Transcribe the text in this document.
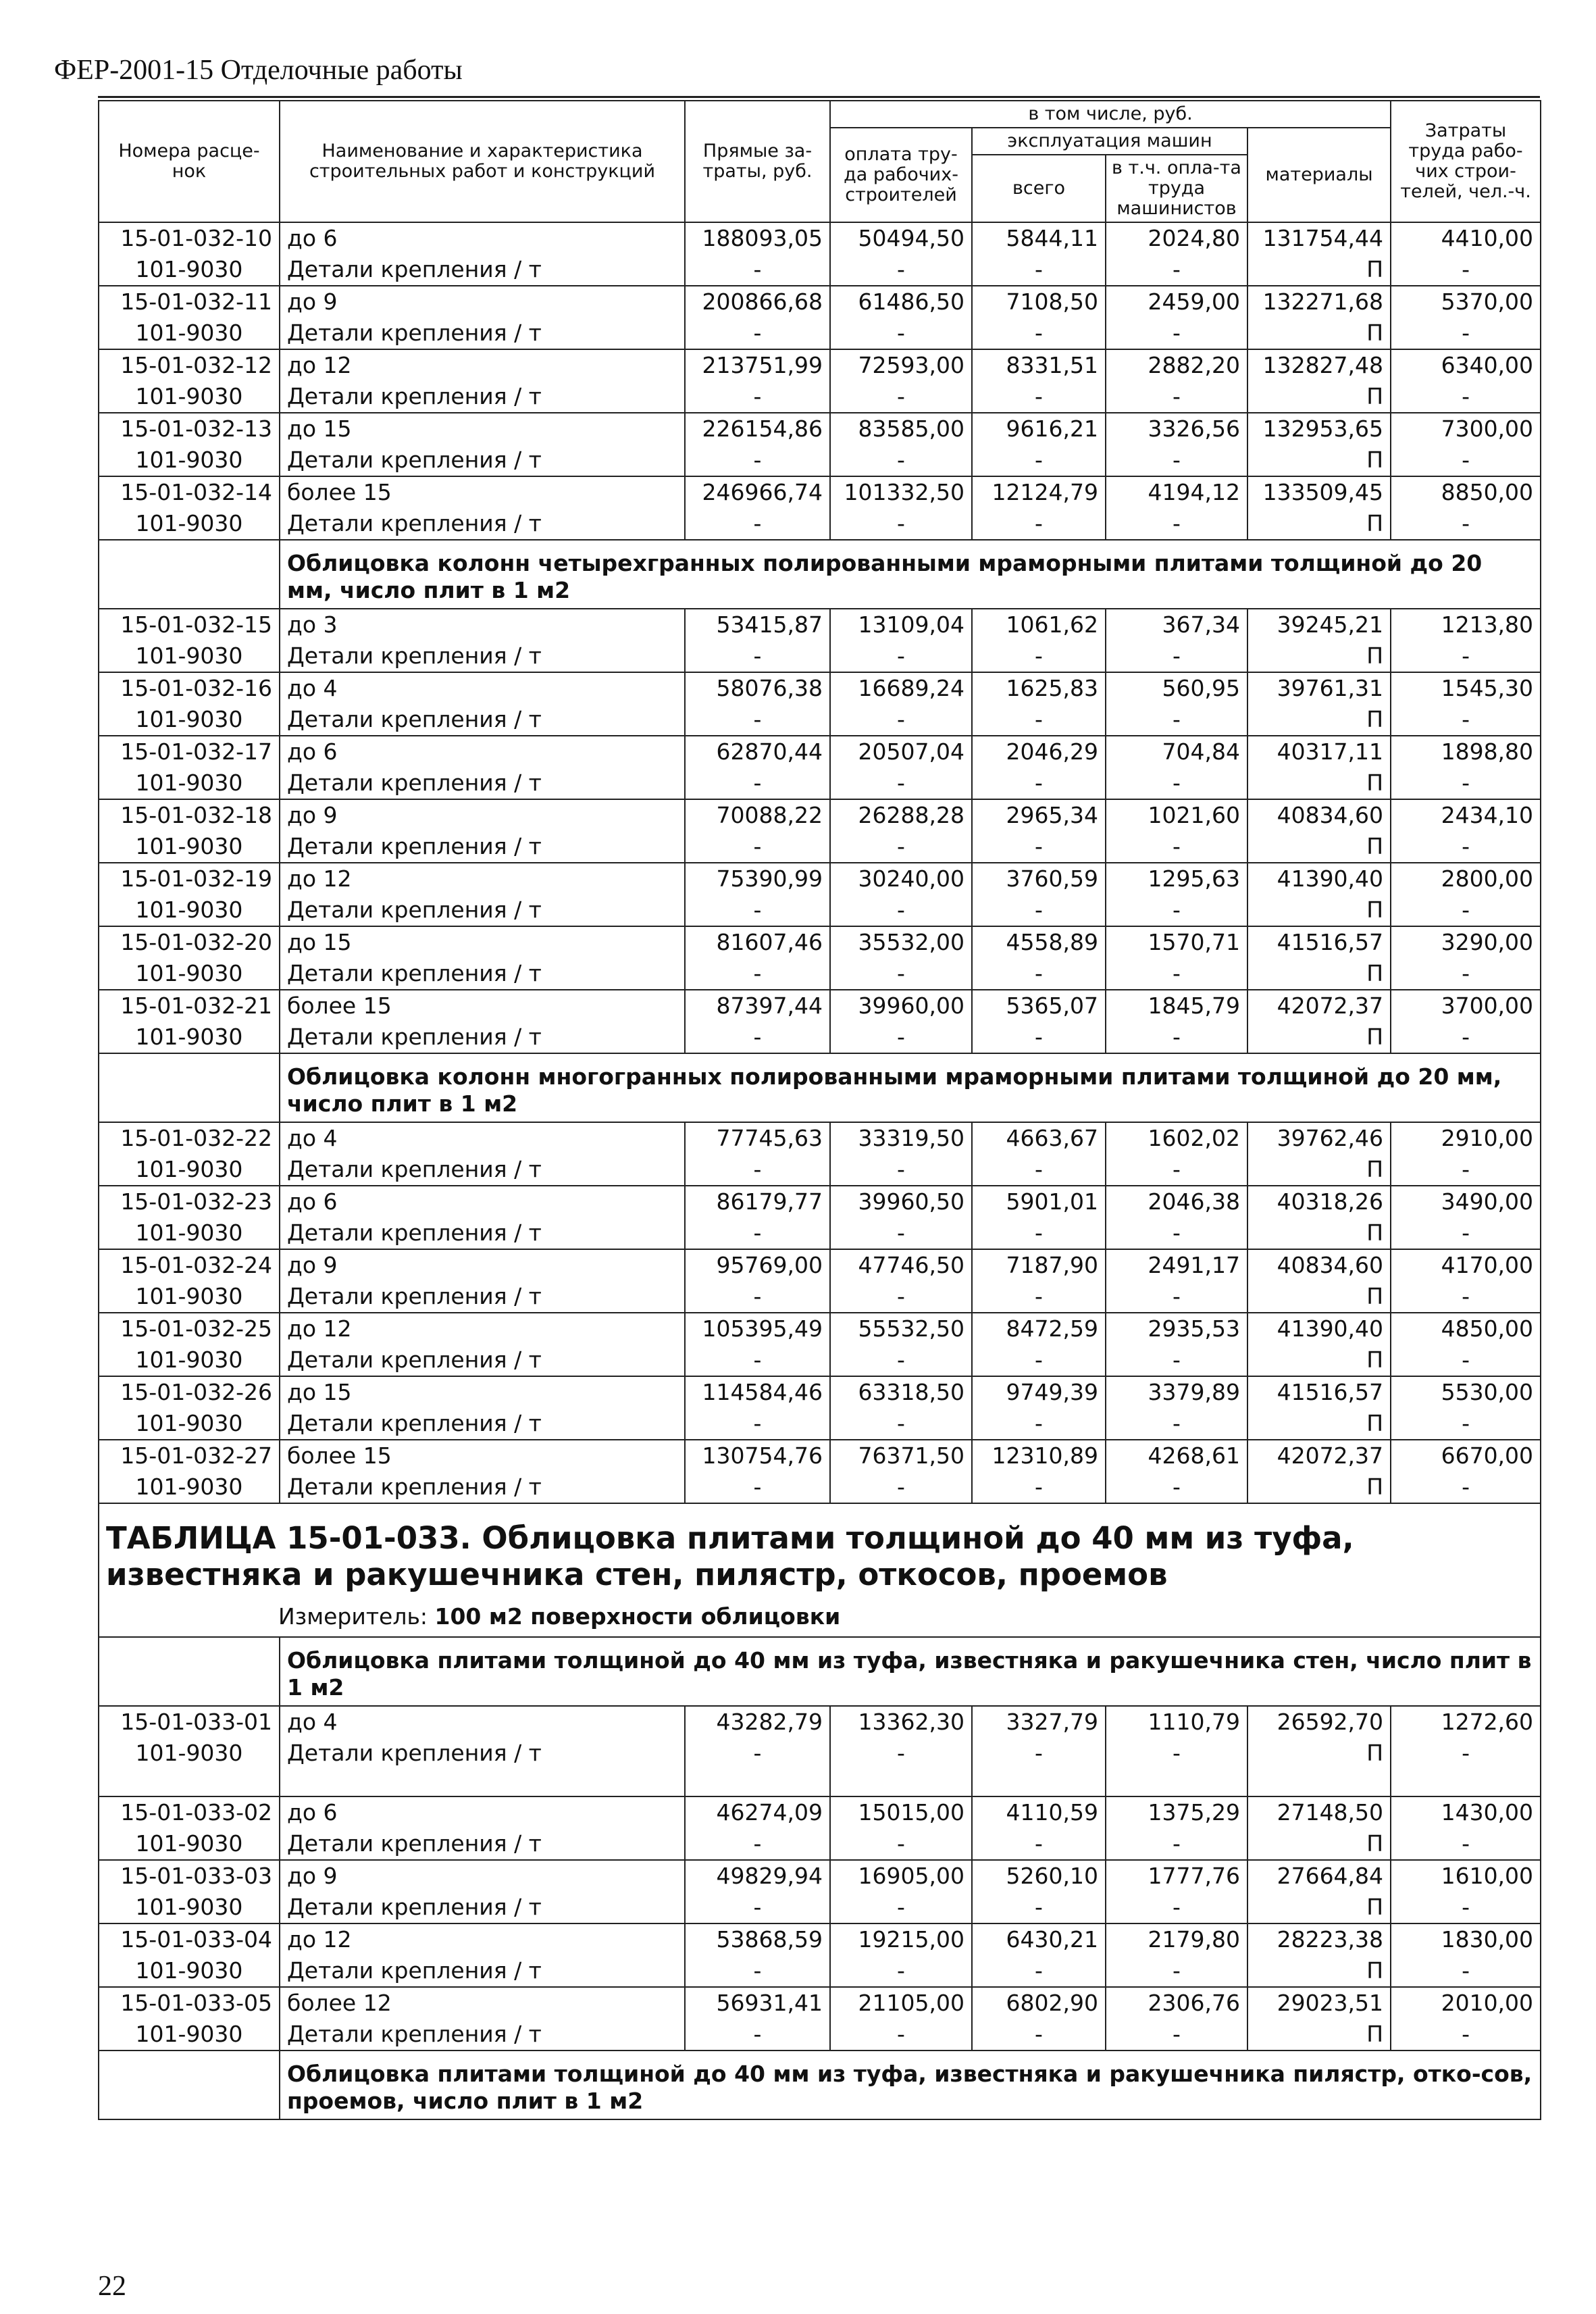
ФЕР-2001-15 Отделочные работы
Номера расце-нок	Наименование и характеристика строительных работ и конструкций	Прямые за-траты, руб.	в том числе, руб.				Затраты труда рабо-чих строи-телей, чел.-ч.
			оплата тру-да рабочих-строителей	эксплуатация машин		материалы	
				всего	в т.ч. опла-та труда машинистов		
15-01-032-10	до 6	188093,05	50494,50	5844,11	2024,80	131754,44	4410,00
101-9030	Детали крепления / т	-	-	-	-	П	-
15-01-032-11	до 9	200866,68	61486,50	7108,50	2459,00	132271,68	5370,00
101-9030	Детали крепления / т	-	-	-	-	П	-
15-01-032-12	до 12	213751,99	72593,00	8331,51	2882,20	132827,48	6340,00
101-9030	Детали крепления / т	-	-	-	-	П	-
15-01-032-13	до 15	226154,86	83585,00	9616,21	3326,56	132953,65	7300,00
101-9030	Детали крепления / т	-	-	-	-	П	-
15-01-032-14	более 15	246966,74	101332,50	12124,79	4194,12	133509,45	8850,00
101-9030	Детали крепления / т	-	-	-	-	П	-
	Облицовка колонн четырехгранных полированными мраморными плитами толщиной до 20 мм, число плит в 1 м2						
15-01-032-15	до 3	53415,87	13109,04	1061,62	367,34	39245,21	1213,80
101-9030	Детали крепления / т	-	-	-	-	П	-
15-01-032-16	до 4	58076,38	16689,24	1625,83	560,95	39761,31	1545,30
101-9030	Детали крепления / т	-	-	-	-	П	-
15-01-032-17	до 6	62870,44	20507,04	2046,29	704,84	40317,11	1898,80
101-9030	Детали крепления / т	-	-	-	-	П	-
15-01-032-18	до 9	70088,22	26288,28	2965,34	1021,60	40834,60	2434,10
101-9030	Детали крепления / т	-	-	-	-	П	-
15-01-032-19	до 12	75390,99	30240,00	3760,59	1295,63	41390,40	2800,00
101-9030	Детали крепления / т	-	-	-	-	П	-
15-01-032-20	до 15	81607,46	35532,00	4558,89	1570,71	41516,57	3290,00
101-9030	Детали крепления / т	-	-	-	-	П	-
15-01-032-21	более 15	87397,44	39960,00	5365,07	1845,79	42072,37	3700,00
101-9030	Детали крепления / т	-	-	-	-	П	-
	Облицовка колонн многогранных полированными мраморными плитами толщиной до 20 мм, число плит в 1 м2						
15-01-032-22	до 4	77745,63	33319,50	4663,67	1602,02	39762,46	2910,00
101-9030	Детали крепления / т	-	-	-	-	П	-
15-01-032-23	до 6	86179,77	39960,50	5901,01	2046,38	40318,26	3490,00
101-9030	Детали крепления / т	-	-	-	-	П	-
15-01-032-24	до 9	95769,00	47746,50	7187,90	2491,17	40834,60	4170,00
101-9030	Детали крепления / т	-	-	-	-	П	-
15-01-032-25	до 12	105395,49	55532,50	8472,59	2935,53	41390,40	4850,00
101-9030	Детали крепления / т	-	-	-	-	П	-
15-01-032-26	до 15	114584,46	63318,50	9749,39	3379,89	41516,57	5530,00
101-9030	Детали крепления / т	-	-	-	-	П	-
15-01-032-27	более 15	130754,76	76371,50	12310,89	4268,61	42072,37	6670,00
101-9030	Детали крепления / т	-	-	-	-	П	-
ТАБЛИЦА 15-01-033. Облицовка плитами толщиной до 40 мм из туфа, известняка и ракушечника стен, пилястр, откосов, проемов							
Измеритель: 100 м2 поверхности облицовки							
	Облицовка плитами толщиной до 40 мм из туфа, известняка и ракушечника стен, число плит в 1 м2						
15-01-033-01	до 4	43282,79	13362,30	3327,79	1110,79	26592,70	1272,60
101-9030	Детали крепления / т	-	-	-	-	П	-

15-01-033-02	до 6	46274,09	15015,00	4110,59	1375,29	27148,50	1430,00
101-9030	Детали крепления / т	-	-	-	-	П	-
15-01-033-03	до 9	49829,94	16905,00	5260,10	1777,76	27664,84	1610,00
101-9030	Детали крепления / т	-	-	-	-	П	-
15-01-033-04	до 12	53868,59	19215,00	6430,21	2179,80	28223,38	1830,00
101-9030	Детали крепления / т	-	-	-	-	П	-
15-01-033-05	более 12	56931,41	21105,00	6802,90	2306,76	29023,51	2010,00
101-9030	Детали крепления / т	-	-	-	-	П	-
	Облицовка плитами толщиной до 40 мм из туфа, известняка и ракушечника пилястр, отко-сов, проемов, число плит в 1 м2						
22
